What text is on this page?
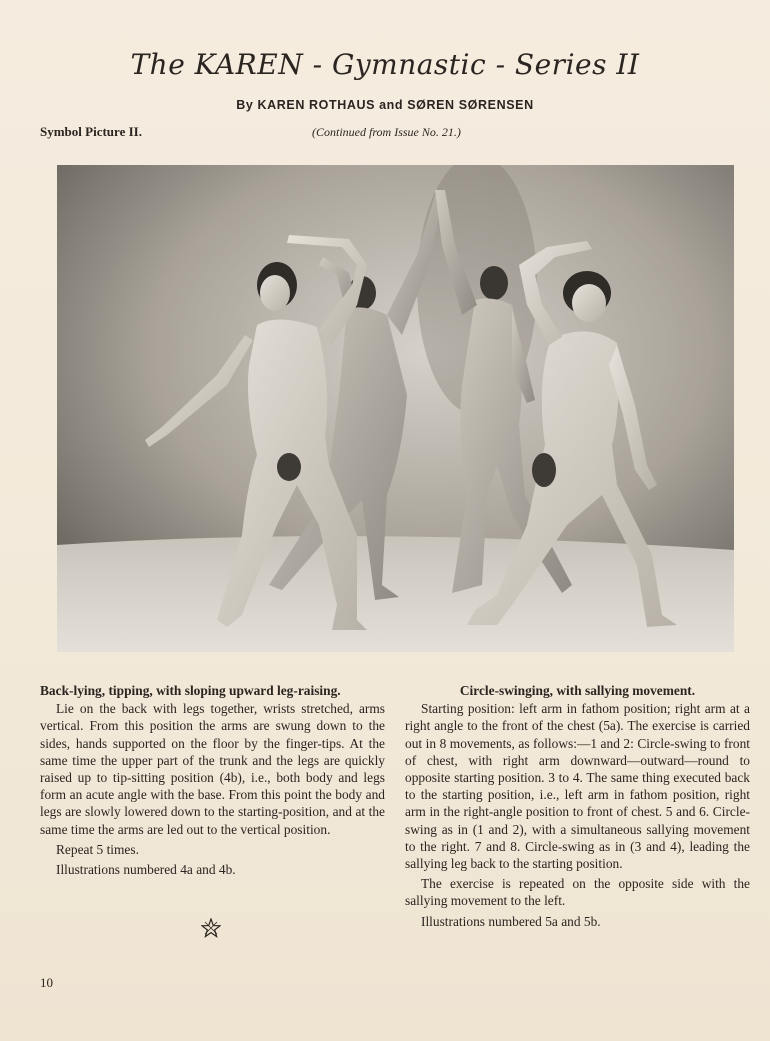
The KAREN - Gymnastic - Series II
By KAREN ROTHAUS and SØREN SØRENSEN
Symbol Picture II.	(Continued from Issue No. 21.)
Back-lying, tipping, with sloping upward leg-raising.

Lie on the back with legs together, wrists stretched, arms vertical. From this position the arms are swung down to the sides, hands supported on the floor by the finger-tips. At the same time the upper part of the trunk and the legs are quickly raised up to tip-sitting position (4b), i.e., both body and legs form an acute angle with the base. From this point the body and legs are slowly lowered down to the starting-position, and at the same time the arms are led out to the vertical position.

Repeat 5 times.

Illustrations numbered 4a and 4b.

Circle-swinging, with sallying movement.

Starting position: left arm in fathom position; right arm at a right angle to the front of the chest (5a). The exercise is carried out in 8 movements, as follows:—1 and 2: Circle-swing to front of chest, with right arm downward—outward—round to opposite starting position. 3 to 4. The same thing executed back to the starting position, i.e., left arm in fathom position, right arm in the right-angle position to front of chest. 5 and 6. Circle-swing as in (1 and 2), with a simultaneous sallying movement to the right. 7 and 8. Circle-swing as in (3 and 4), leading the sallying leg back to the starting position.

The exercise is repeated on the opposite side with the sallying movement to the left.

Illustrations numbered 5a and 5b.

10
